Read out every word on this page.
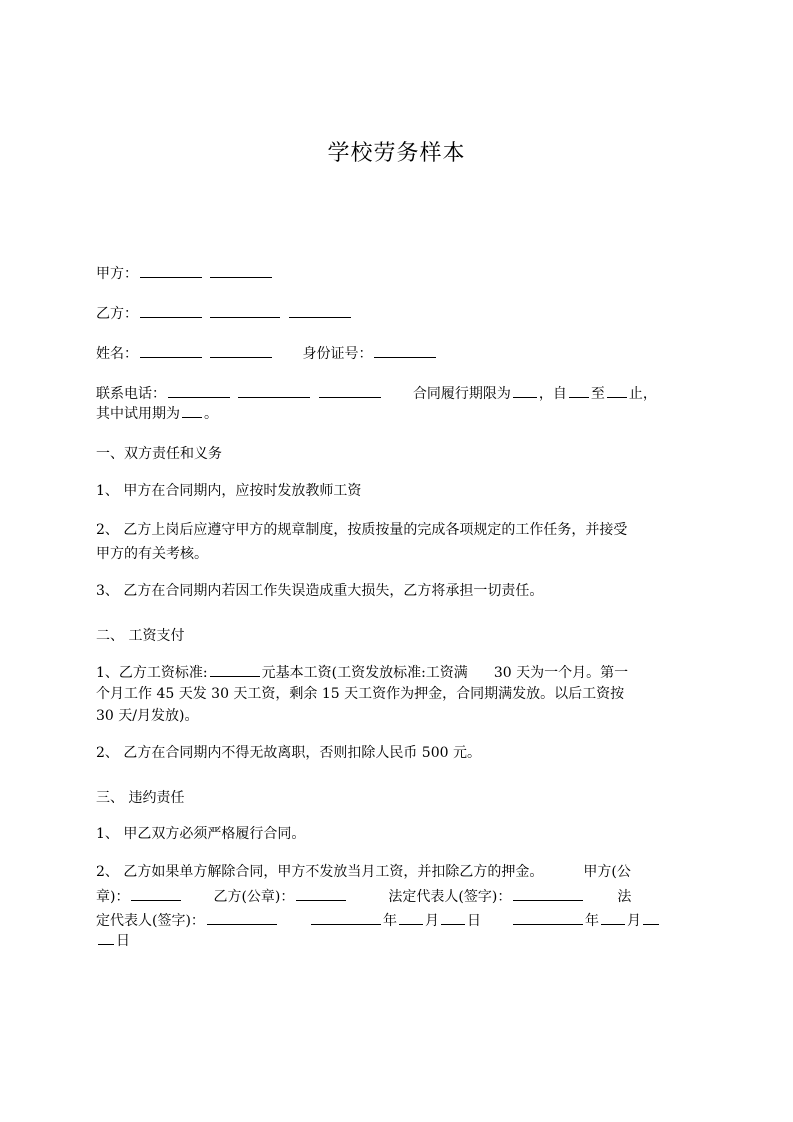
学校劳务样本
甲方：
乙方：
姓名：	身份证号：
联系电话：	合同履行期限为 ，自 至 止，
其中试用期为 。
一、双方责任和义务
1、 甲方在合同期内，应按时发放教师工资
2、 乙方上岗后应遵守甲方的规章制度，按质按量的完成各项规定的工作任务，并接受
甲方的有关考核。
3、 乙方在合同期内若因工作失误造成重大损失，乙方将承担一切责任。
二、 工资支付
1、乙方工资标准:	元基本工资(工资发放标准:工资满 30 天为一个月。第一
个月工作 45 天发 30 天工资，剩余 15 天工资作为押金，合同期满发放。以后工资按
30 天/月发放)。
2、 乙方在合同期内不得无故离职，否则扣除人民币 500 元。
三、 违约责任
1、 甲乙双方必须严格履行合同。
2、 乙方如果单方解除合同，甲方不发放当月工资，并扣除乙方的押金。	甲方(公
章)：	乙方(公章)：	法定代表人(签字)：	法
定代表人(签字)：	年 月 日	年 月
日
